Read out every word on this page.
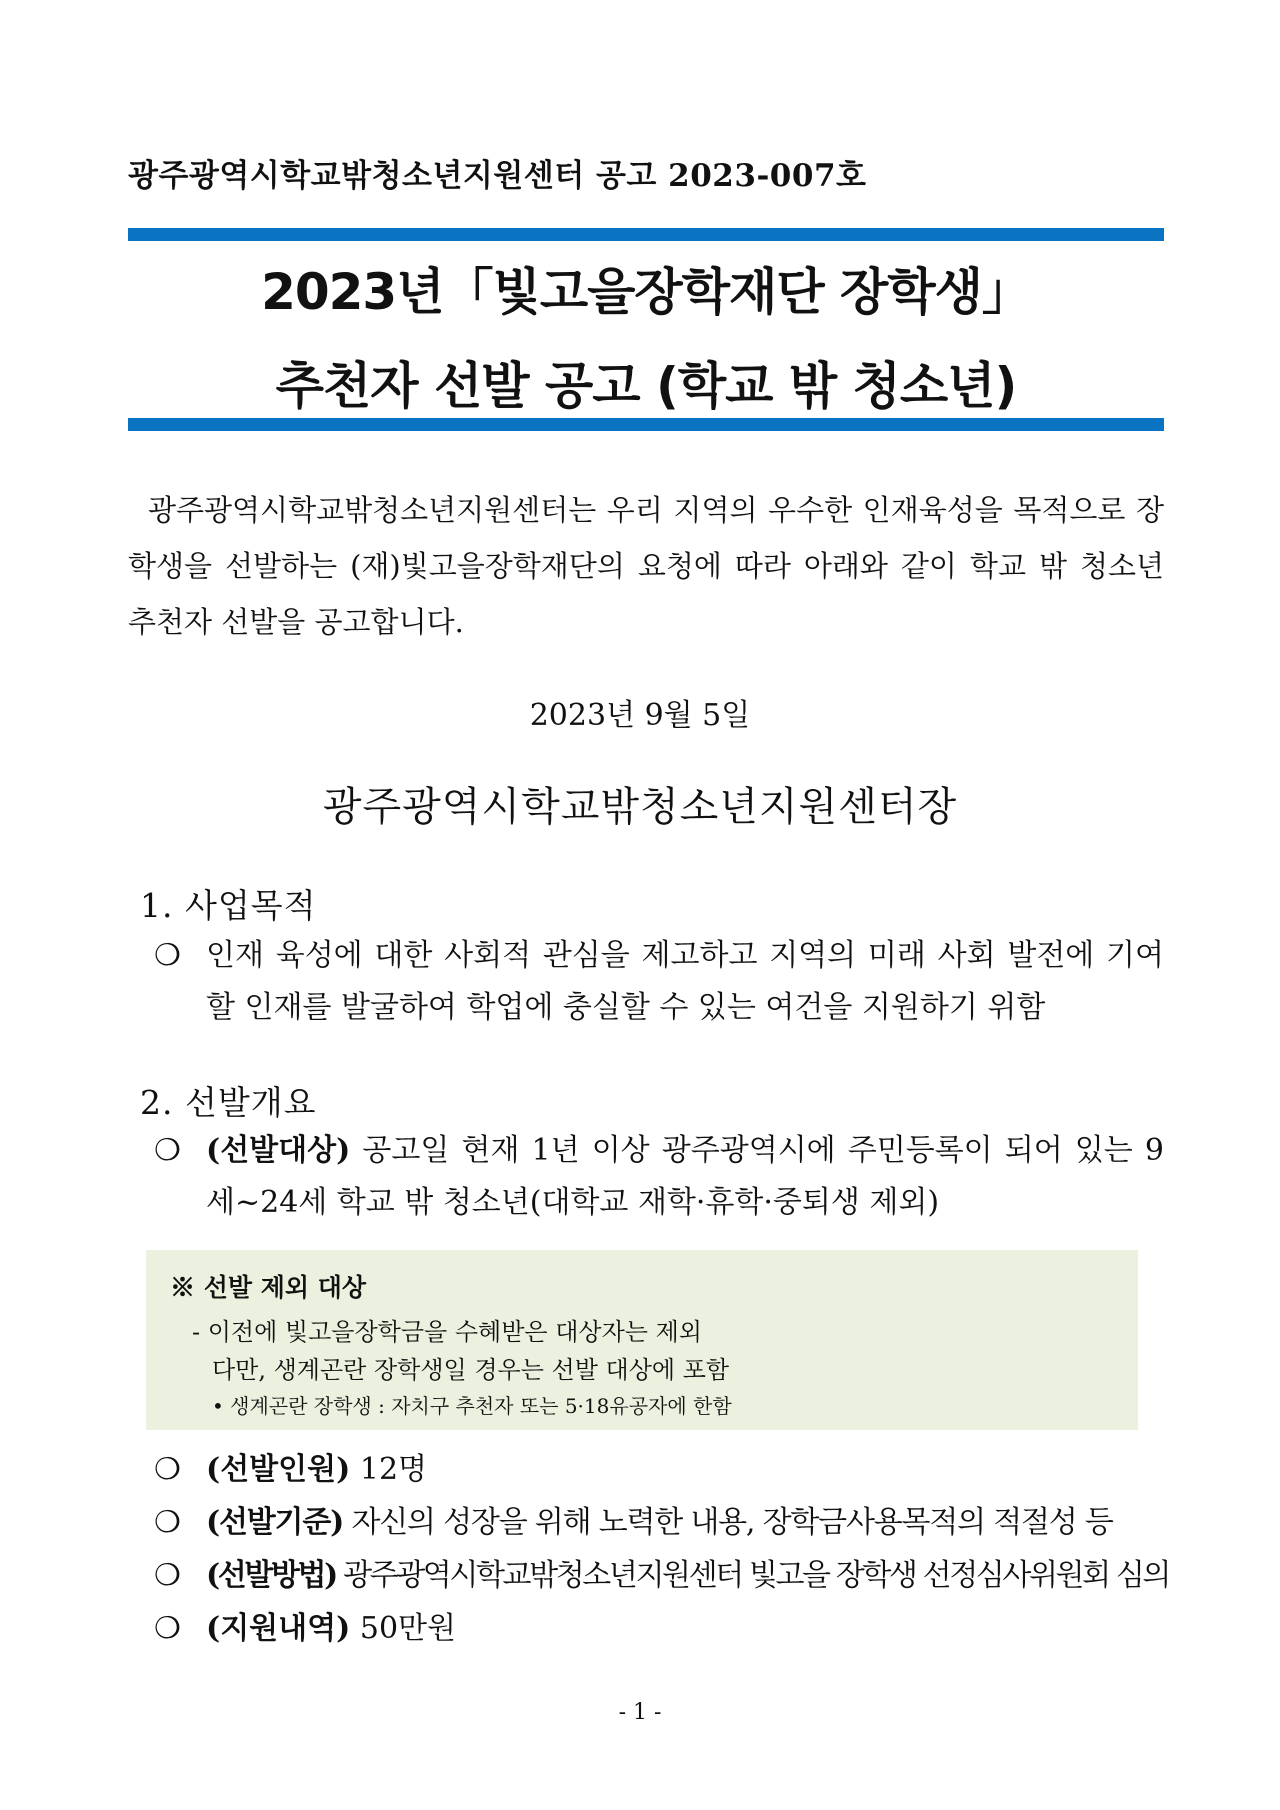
광주광역시학교밖청소년지원센터 공고 2023-007호
2023년「빛고을장학재단 장학생」
추천자 선발 공고 (학교 밖 청소년)
광주광역시학교밖청소년지원센터는 우리 지역의 우수한 인재육성을 목적으로 장학생을 선발하는 (재)빛고을장학재단의 요청에 따라 아래와 같이 학교 밖 청소년 추천자 선발을 공고합니다.
2023년 9월 5일
광주광역시학교밖청소년지원센터장
1. 사업목적
❍ 인재 육성에 대한 사회적 관심을 제고하고 지역의 미래 사회 발전에 기여할 인재를 발굴하여 학업에 충실할 수 있는 여건을 지원하기 위함
2. 선발개요
❍ (선발대상) 공고일 현재 1년 이상 광주광역시에 주민등록이 되어 있는 9세~24세 학교 밖 청소년(대학교 재학·휴학·중퇴생 제외)
※ 선발 제외 대상
- 이전에 빛고을장학금을 수혜받은 대상자는 제외
다만, 생계곤란 장학생일 경우는 선발 대상에 포함
• 생계곤란 장학생 : 자치구 추천자 또는 5·18유공자에 한함
❍ (선발인원) 12명
❍ (선발기준) 자신의 성장을 위해 노력한 내용, 장학금사용목적의 적절성 등
❍ (선발방법) 광주광역시학교밖청소년지원센터 빛고을 장학생 선정심사위원회 심의
❍ (지원내역) 50만원
- 1 -
